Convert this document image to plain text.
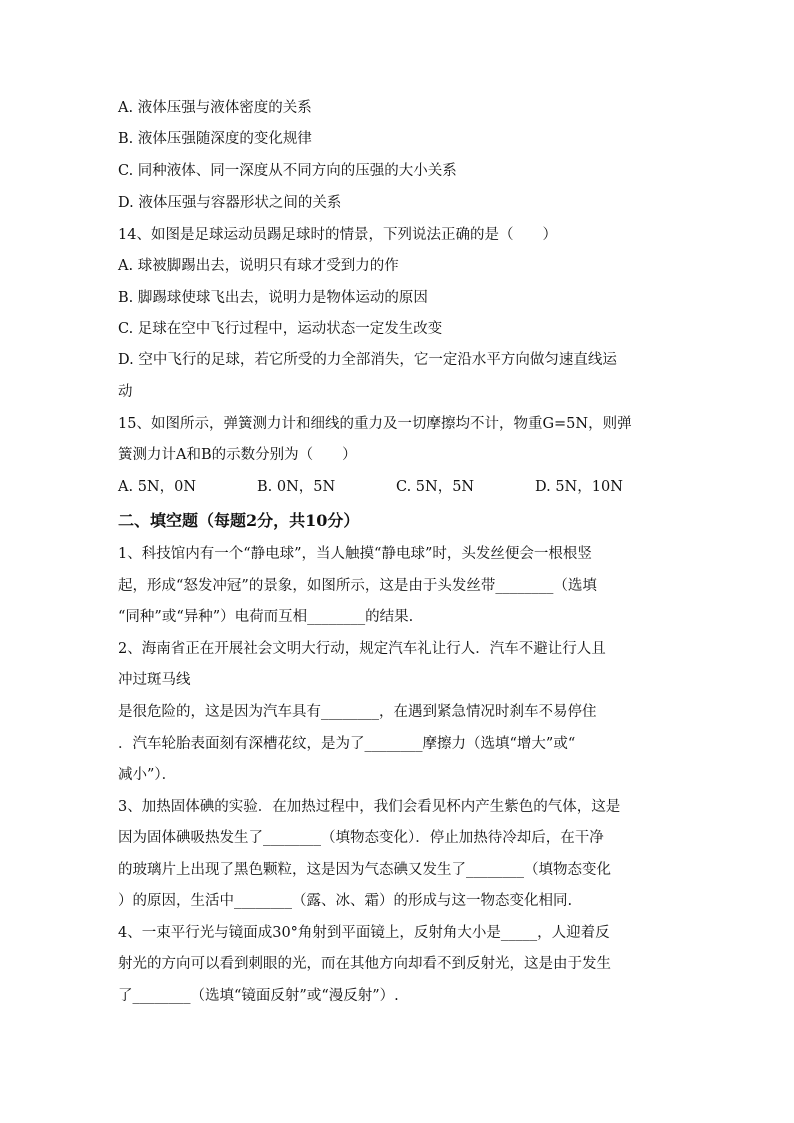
A. 液体压强与液体密度的关系
B. 液体压强随深度的变化规律
C. 同种液体、同一深度从不同方向的压强的大小关系
D. 液体压强与容器形状之间的关系
14、如图是足球运动员踢足球时的情景，下列说法正确的是（　　）
A. 球被脚踢出去，说明只有球才受到力的作
B. 脚踢球使球飞出去，说明力是物体运动的原因
C. 足球在空中飞行过程中，运动状态一定发生改变
D. 空中飞行的足球，若它所受的力全部消失，它一定沿水平方向做匀速直线运
动
15、如图所示，弹簧测力计和细线的重力及一切摩擦均不计，物重G=5N，则弹
簧测力计A和B的示数分别为（　　）
A. 5N，0N	B. 0N，5N	C. 5N，5N	D. 5N，10N
二、填空题（每题2分，共10分）
1、科技馆内有一个“静电球”，当人触摸“静电球”时，头发丝便会一根根竖
起，形成“怒发冲冠”的景象，如图所示，这是由于头发丝带________（选填
“同种”或“异种”）电荷而互相________的结果.
2、海南省正在开展社会文明大行动，规定汽车礼让行人．汽车不避让行人且
冲过斑马线
是很危险的，这是因为汽车具有________，在遇到紧急情况时刹车不易停住
．汽车轮胎表面刻有深槽花纹，是为了________摩擦力（选填“增大”或“
减小”）．
3、加热固体碘的实验．在加热过程中，我们会看见杯内产生紫色的气体，这是
因为固体碘吸热发生了________（填物态变化）．停止加热待冷却后，在干净
的玻璃片上出现了黑色颗粒，这是因为气态碘又发生了________（填物态变化
）的原因，生活中________（露、冰、霜）的形成与这一物态变化相同.
4、一束平行光与镜面成30°角射到平面镜上，反射角大小是_____，人迎着反
射光的方向可以看到刺眼的光，而在其他方向却看不到反射光，这是由于发生
了________（选填“镜面反射”或“漫反射”）.
